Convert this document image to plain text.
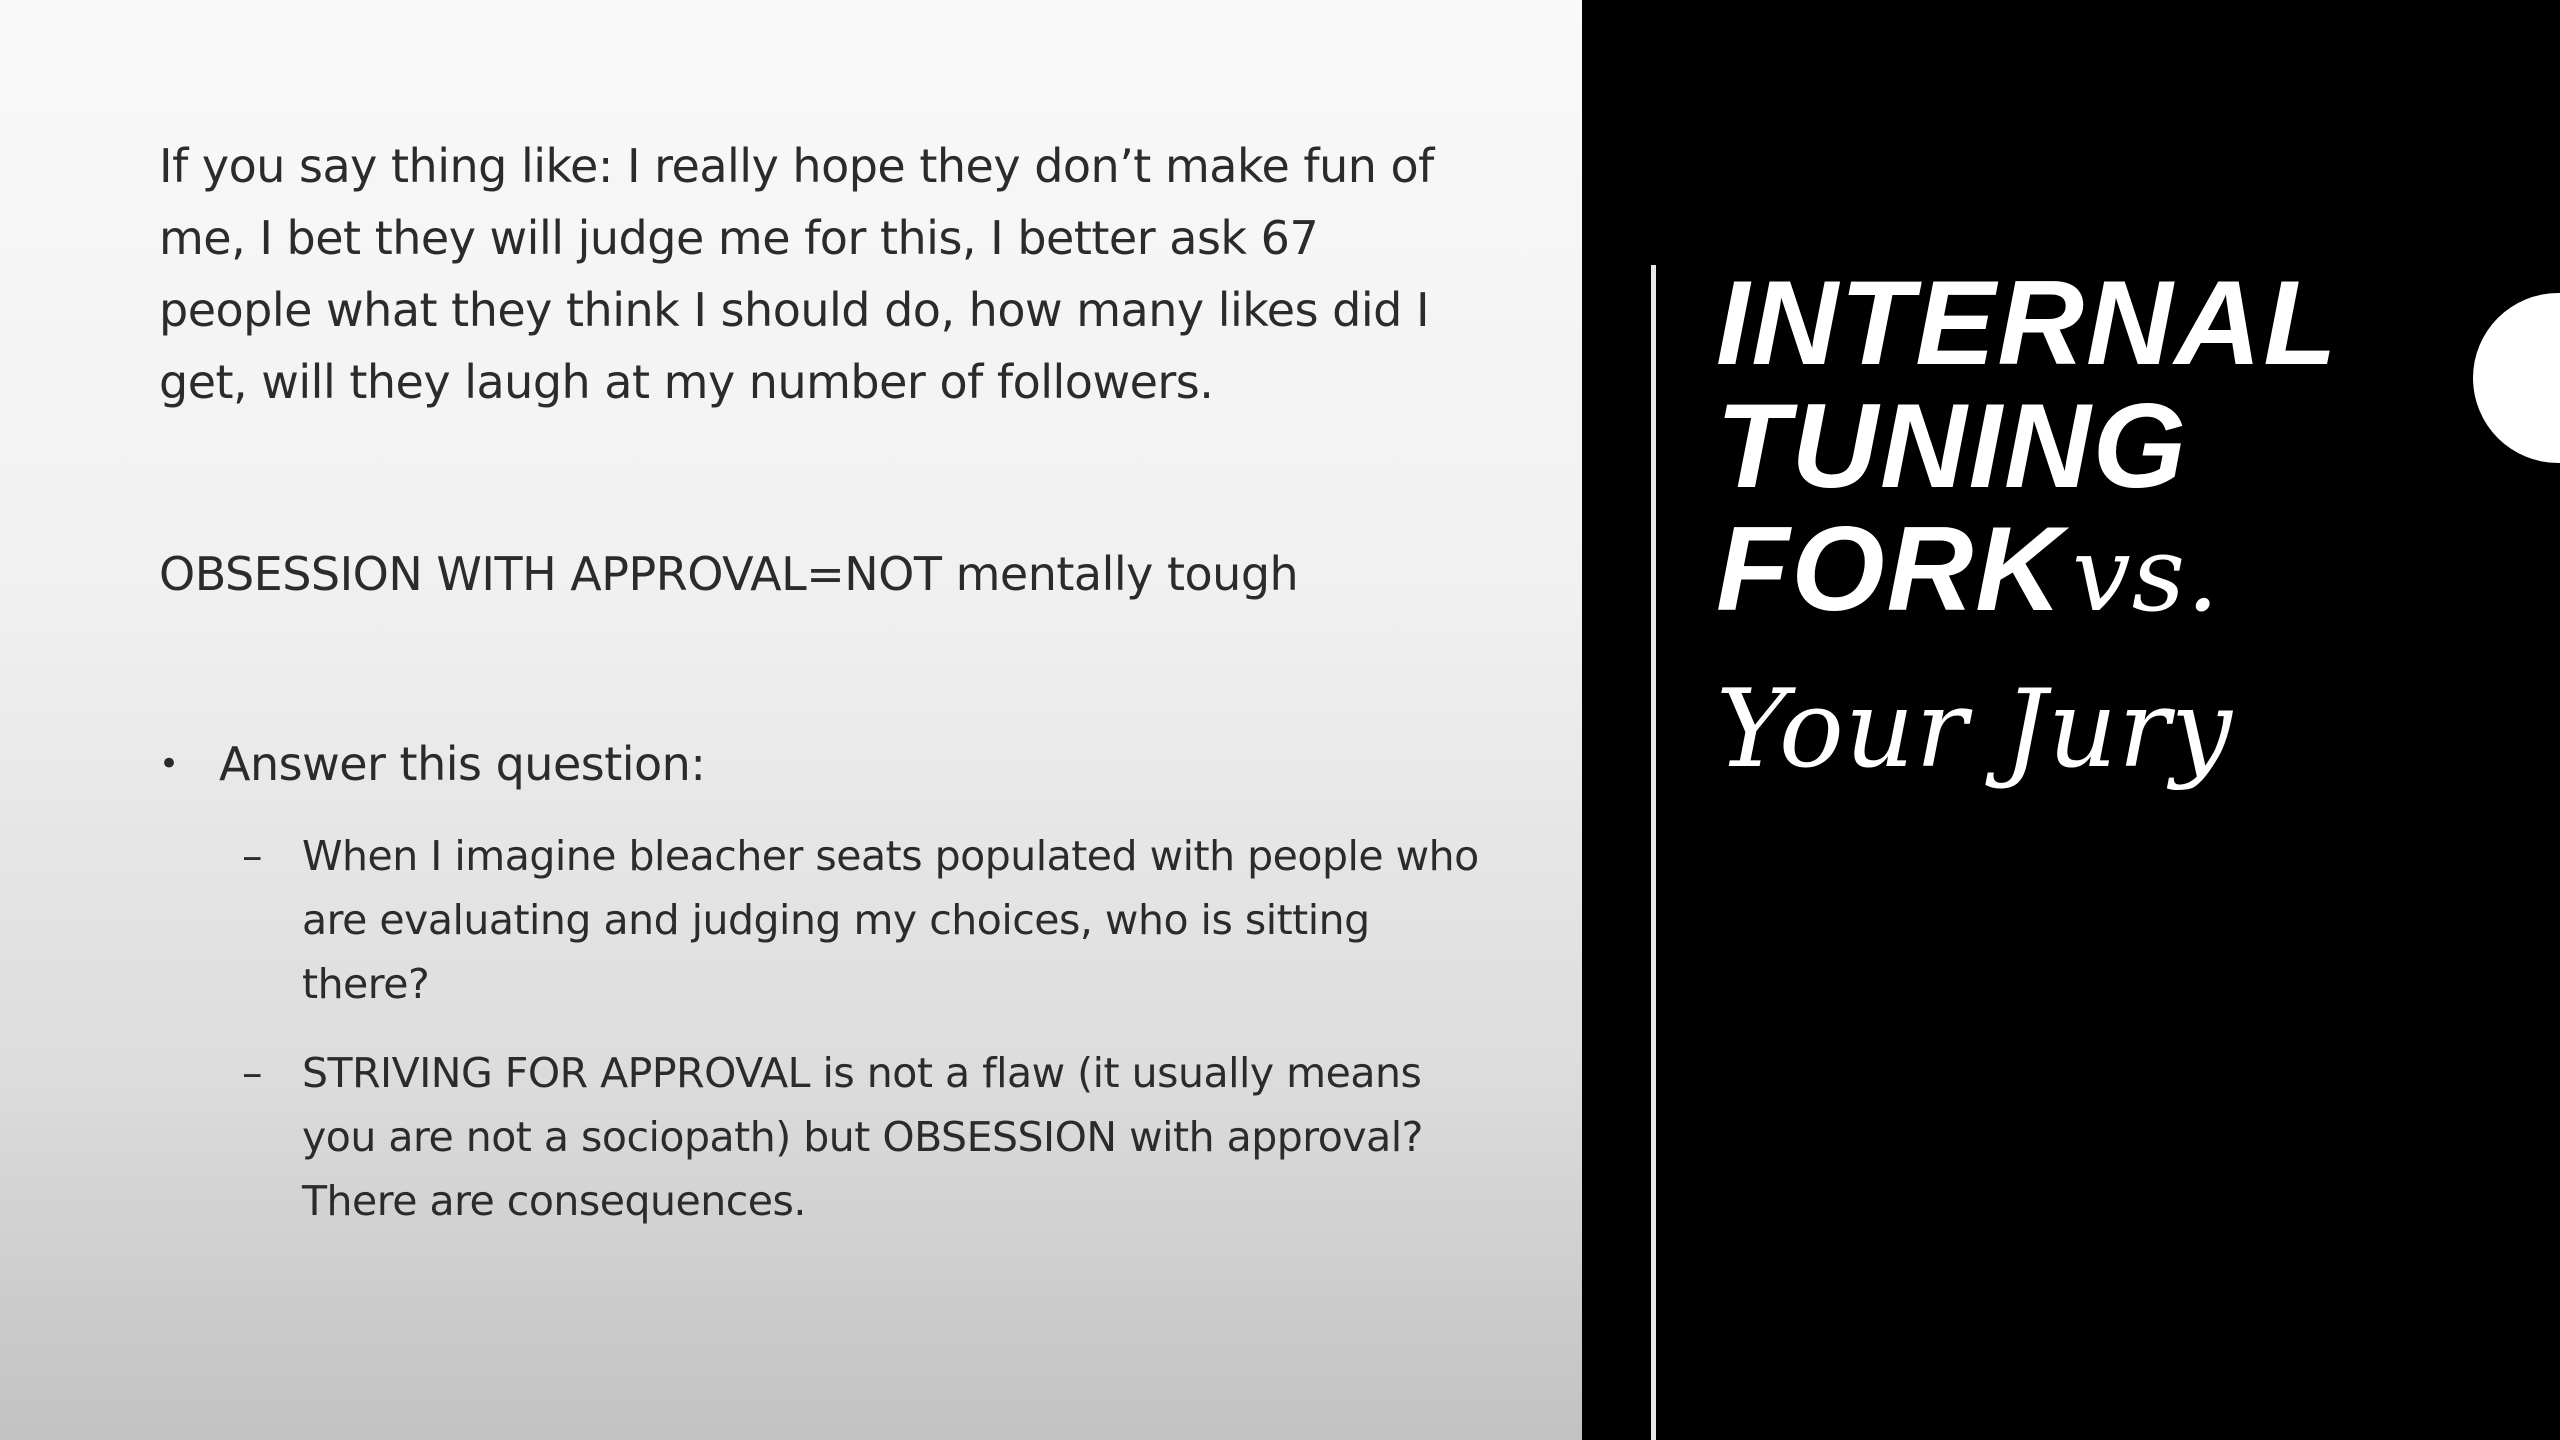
If you say thing like: I really hope they don’t make fun of me, I bet they will judge me for this, I better ask 67 people what they think I should do, how many likes did I get, will they laugh at my number of followers.

OBSESSION WITH APPROVAL=NOT mentally tough

• Answer this question:
– When I imagine bleacher seats populated with people who are evaluating and judging my choices, who is sitting there?

– STRIVING FOR APPROVAL is not a flaw (it usually means you are not a sociopath) but OBSESSION with approval? There are consequences.

INTERNAL
TUNING
FORK vs.
Your Jury
